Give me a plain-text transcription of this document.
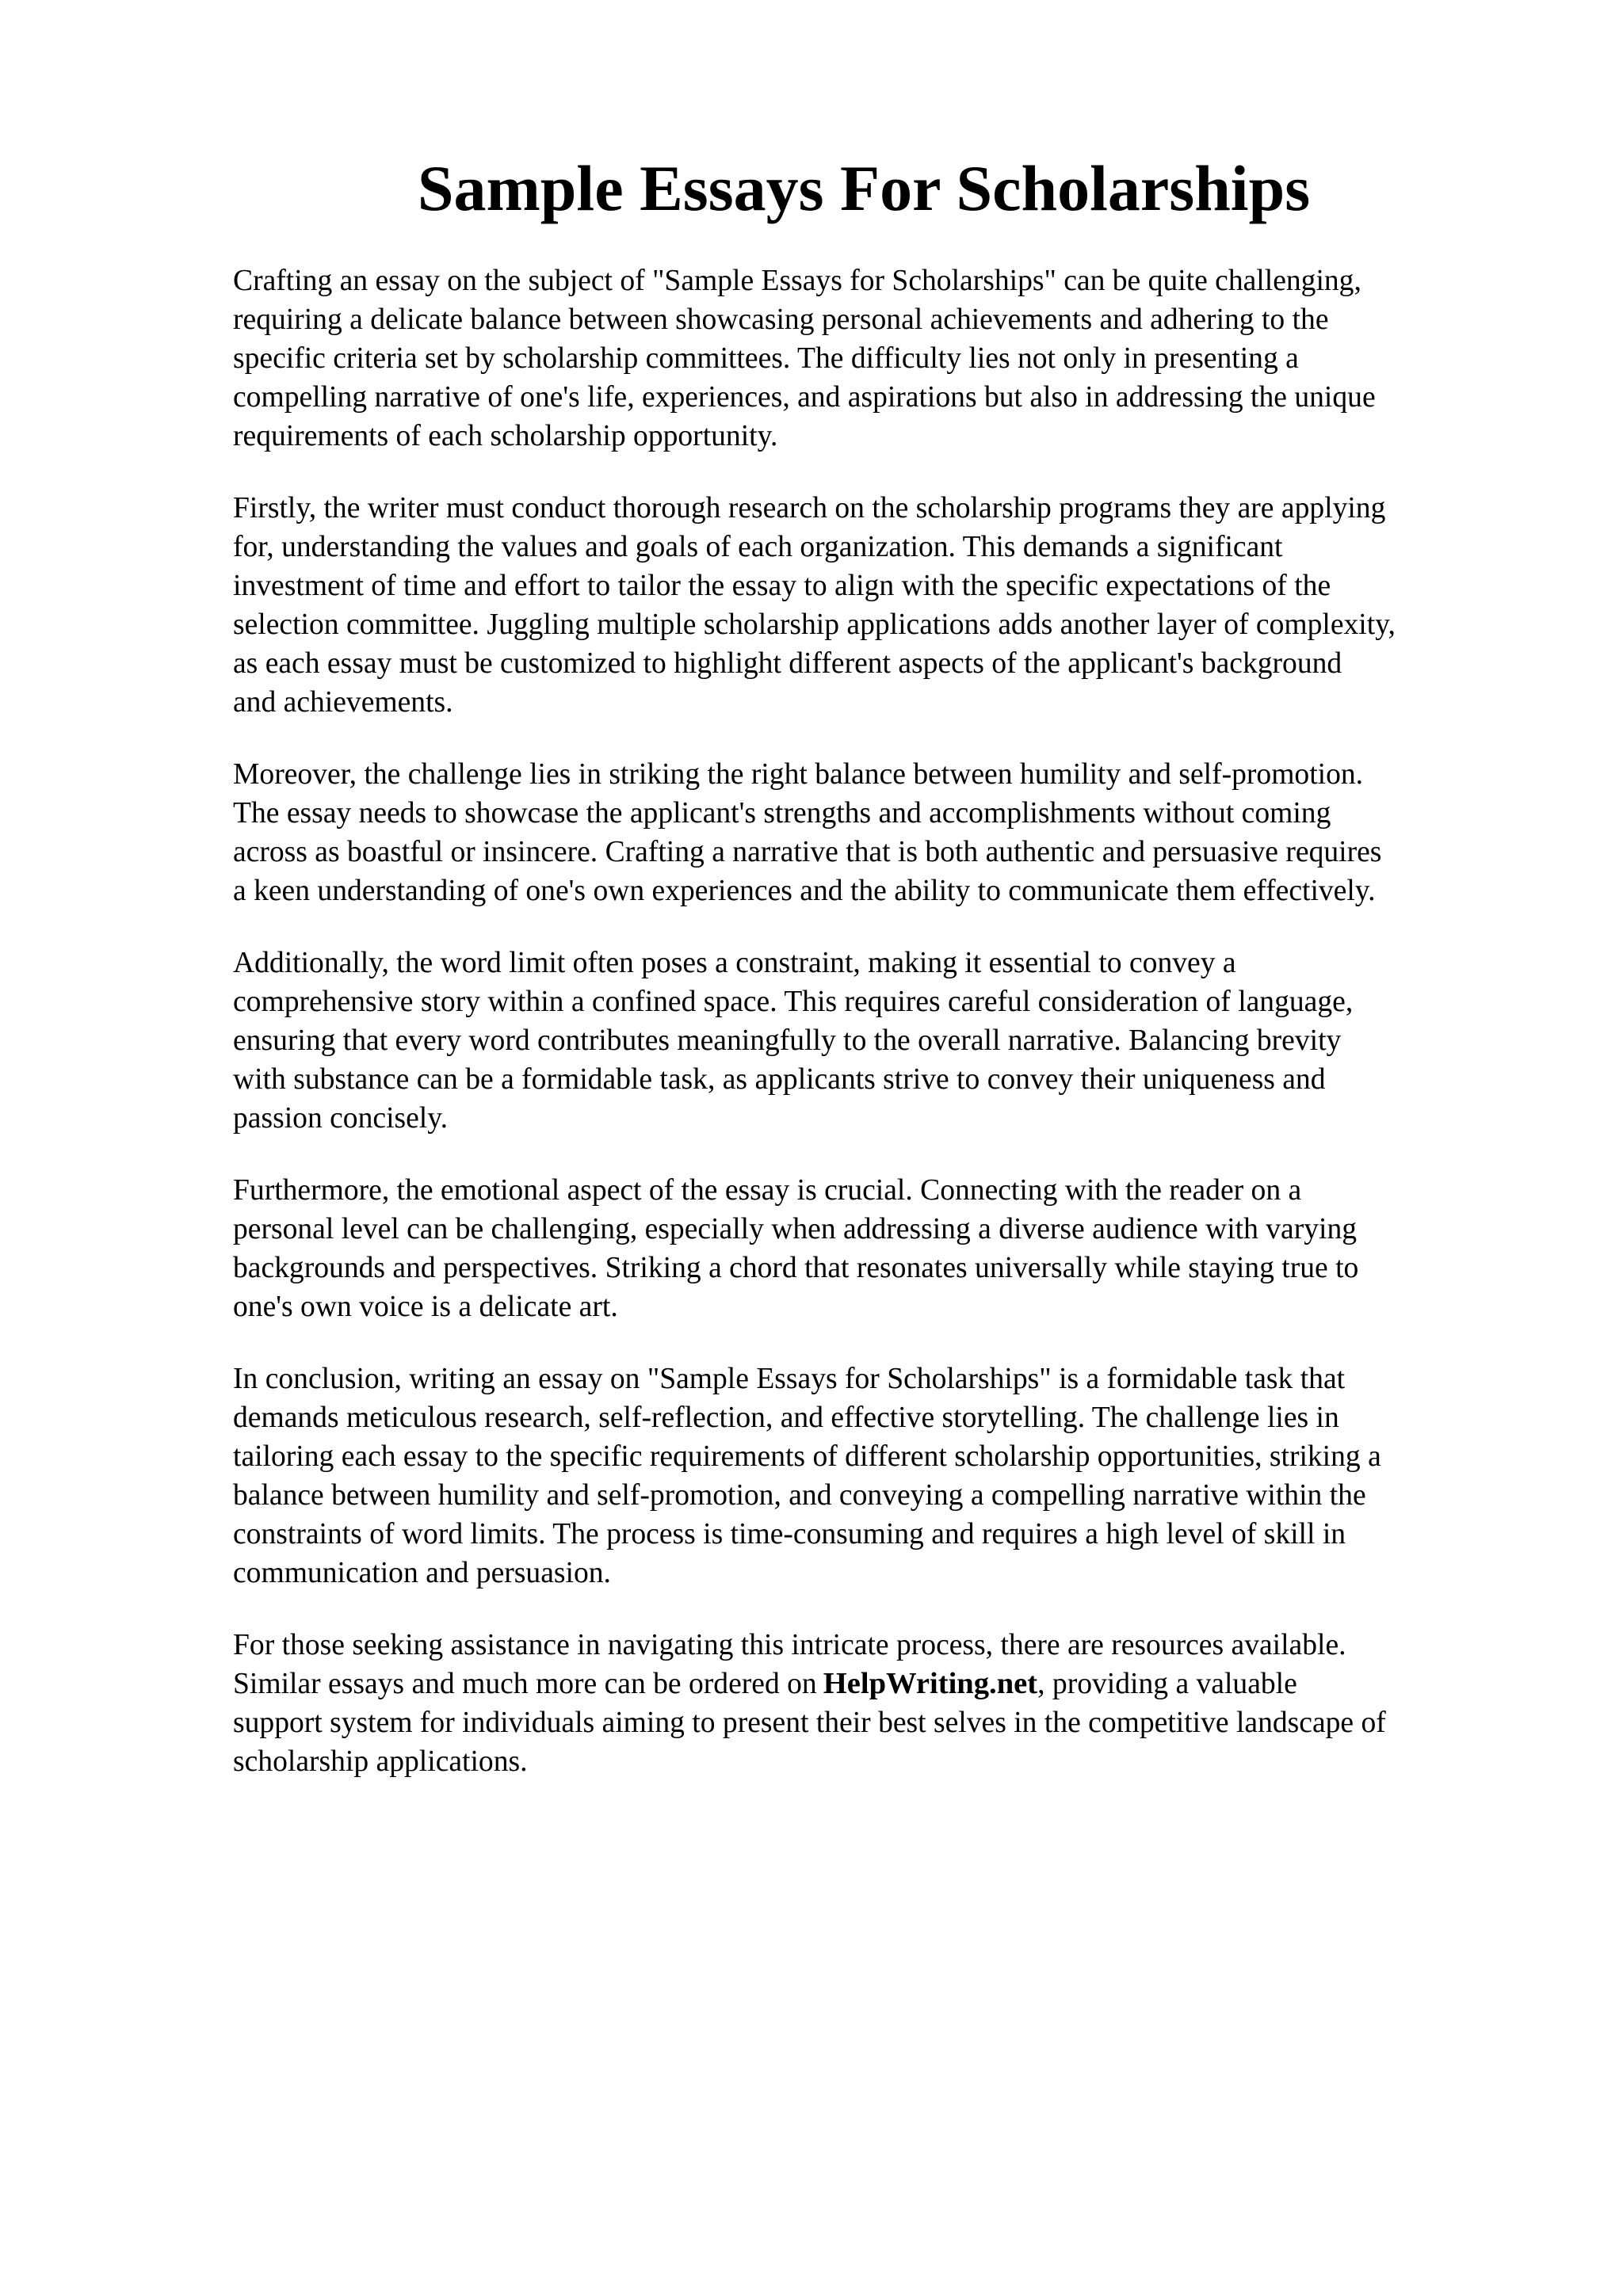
Sample Essays For Scholarships

Crafting an essay on the subject of "Sample Essays for Scholarships" can be quite challenging,
requiring a delicate balance between showcasing personal achievements and adhering to the
specific criteria set by scholarship committees. The difficulty lies not only in presenting a
compelling narrative of one's life, experiences, and aspirations but also in addressing the unique
requirements of each scholarship opportunity.

Firstly, the writer must conduct thorough research on the scholarship programs they are applying
for, understanding the values and goals of each organization. This demands a significant
investment of time and effort to tailor the essay to align with the specific expectations of the
selection committee. Juggling multiple scholarship applications adds another layer of complexity,
as each essay must be customized to highlight different aspects of the applicant's background
and achievements.

Moreover, the challenge lies in striking the right balance between humility and self-promotion.
The essay needs to showcase the applicant's strengths and accomplishments without coming
across as boastful or insincere. Crafting a narrative that is both authentic and persuasive requires
a keen understanding of one's own experiences and the ability to communicate them effectively.

Additionally, the word limit often poses a constraint, making it essential to convey a
comprehensive story within a confined space. This requires careful consideration of language,
ensuring that every word contributes meaningfully to the overall narrative. Balancing brevity
with substance can be a formidable task, as applicants strive to convey their uniqueness and
passion concisely.

Furthermore, the emotional aspect of the essay is crucial. Connecting with the reader on a
personal level can be challenging, especially when addressing a diverse audience with varying
backgrounds and perspectives. Striking a chord that resonates universally while staying true to
one's own voice is a delicate art.

In conclusion, writing an essay on "Sample Essays for Scholarships" is a formidable task that
demands meticulous research, self-reflection, and effective storytelling. The challenge lies in
tailoring each essay to the specific requirements of different scholarship opportunities, striking a
balance between humility and self-promotion, and conveying a compelling narrative within the
constraints of word limits. The process is time-consuming and requires a high level of skill in
communication and persuasion.

For those seeking assistance in navigating this intricate process, there are resources available.
Similar essays and much more can be ordered on HelpWriting.net, providing a valuable
support system for individuals aiming to present their best selves in the competitive landscape of
scholarship applications.
